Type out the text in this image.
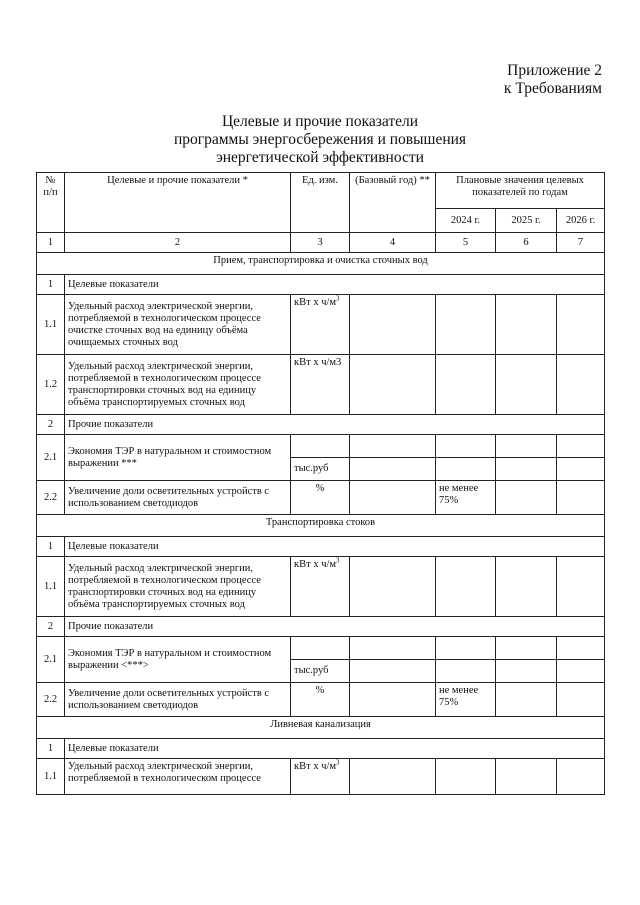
Приложение 2
к Требованиям
Целевые и прочие показатели
программы энергосбережения и повышения
энергетической эффективности
№ п/п	Целевые и прочие показатели *	Ед. изм.	(Базовый год) **	Плановые значения целевых показателей по годам		
				2024 г.	2025 г.	2026 г.
1	2	3	4	5	6	7
Прием, транспортировка и очистка сточных вод						
1	Целевые показатели					
1.1	Удельный расход электрической энергии, потребляемой в технологическом процессе очистке сточных вод на единицу объёма очищаемых сточных вод	кВт х $ч/м^3$				
1.2	Удельный расход электрической энергии, потребляемой в технологическом процессе транспортировки сточных вод на единицу объёма транспортируемых сточных вод	кВт х ч/м3				
2	Прочие показатели					
2.1	Экономия ТЭР в натуральном и стоимостном выражении ***					
		тыс.руб				
2.2	Увеличение доли осветительных устройств с использованием светодиодов	%		не менее 75%		
Транспортировка стоков						
1	Целевые показатели					
1.1	Удельный расход электрической энергии, потребляемой в технологическом процессе транспортировки сточных вод на единицу объёма транспортируемых сточных вод	кВт х $ч/м^3$				
2	Прочие показатели					
2.1	Экономия ТЭР в натуральном и стоимостном выражении <***>					
		тыс.руб				
2.2	Увеличение доли осветительных устройств с использованием светодиодов	%		не менее 75%		
Ливневая канализация						
1	Целевые показатели					
1.1	Удельный расход электрической энергии, потребляемой в технологическом процессе	кВт х $ч/м^3$				
